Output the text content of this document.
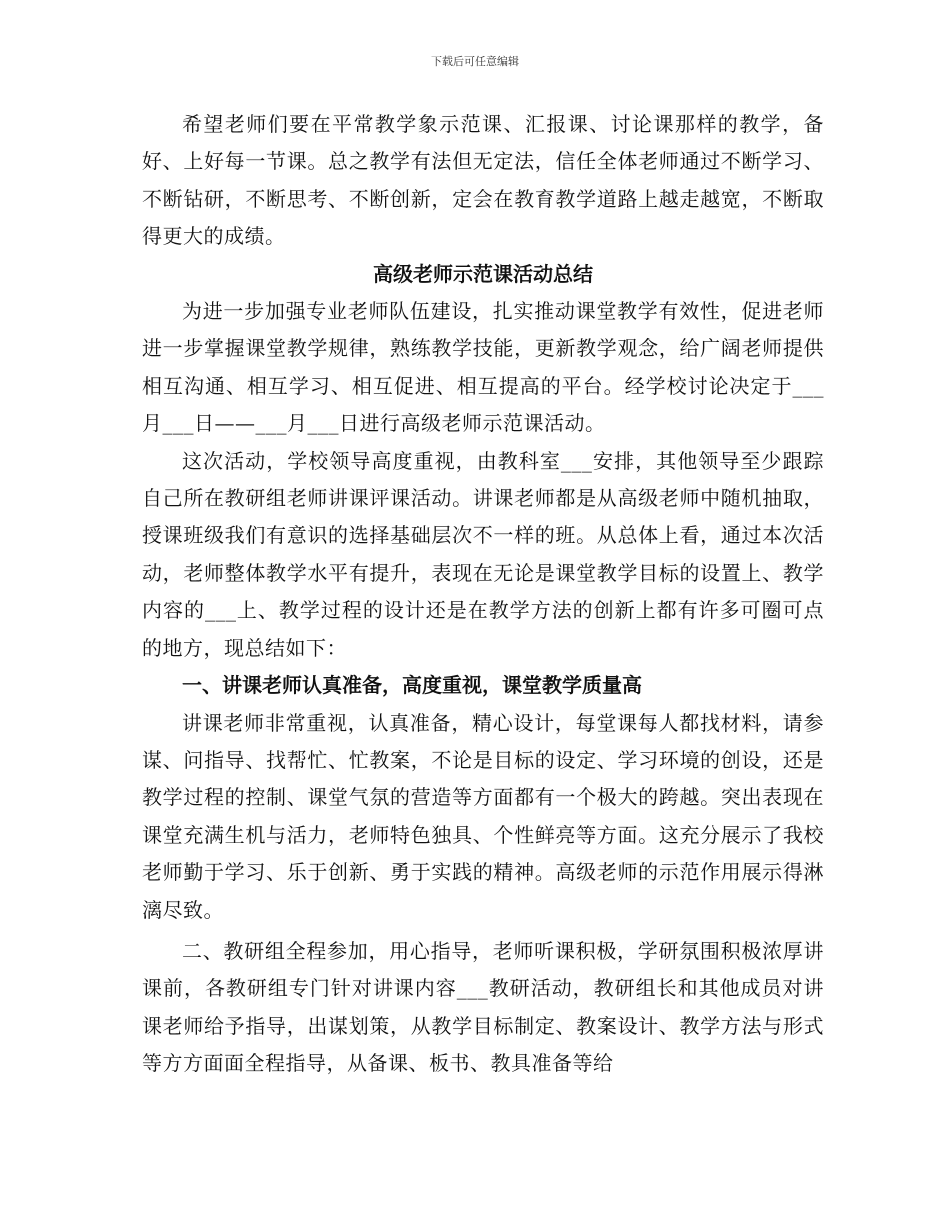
下载后可任意编辑

希望老师们要在平常教学象示范课、汇报课、讨论课那样的教学，备好、上好每一节课。总之教学有法但无定法，信任全体老师通过不断学习、不断钻研，不断思考、不断创新，定会在教育教学道路上越走越宽，不断取得更大的成绩。

高级老师示范课活动总结

为进一步加强专业老师队伍建设，扎实推动课堂教学有效性，促进老师进一步掌握课堂教学规律，熟练教学技能，更新教学观念，给广阔老师提供相互沟通、相互学习、相互促进、相互提高的平台。经学校讨论决定于___月___日——___月___日进行高级老师示范课活动。

这次活动，学校领导高度重视，由教科室___安排，其他领导至少跟踪自己所在教研组老师讲课评课活动。讲课老师都是从高级老师中随机抽取，授课班级我们有意识的选择基础层次不一样的班。从总体上看，通过本次活动，老师整体教学水平有提升，表现在无论是课堂教学目标的设置上、教学内容的___上、教学过程的设计还是在教学方法的创新上都有许多可圈可点的地方，现总结如下：

一、讲课老师认真准备，高度重视，课堂教学质量高

讲课老师非常重视，认真准备，精心设计，每堂课每人都找材料，请参谋、问指导、找帮忙、忙教案，不论是目标的设定、学习环境的创设，还是教学过程的控制、课堂气氛的营造等方面都有一个极大的跨越。突出表现在课堂充满生机与活力，老师特色独具、个性鲜亮等方面。这充分展示了我校老师勤于学习、乐于创新、勇于实践的精神。高级老师的示范作用展示得淋漓尽致。

二、教研组全程参加，用心指导，老师听课积极，学研氛围积极浓厚讲课前，各教研组专门针对讲课内容___教研活动，教研组长和其他成员对讲课老师给予指导，出谋划策，从教学目标制定、教案设计、教学方法与形式等方方面面全程指导，从备课、板书、教具准备等给
